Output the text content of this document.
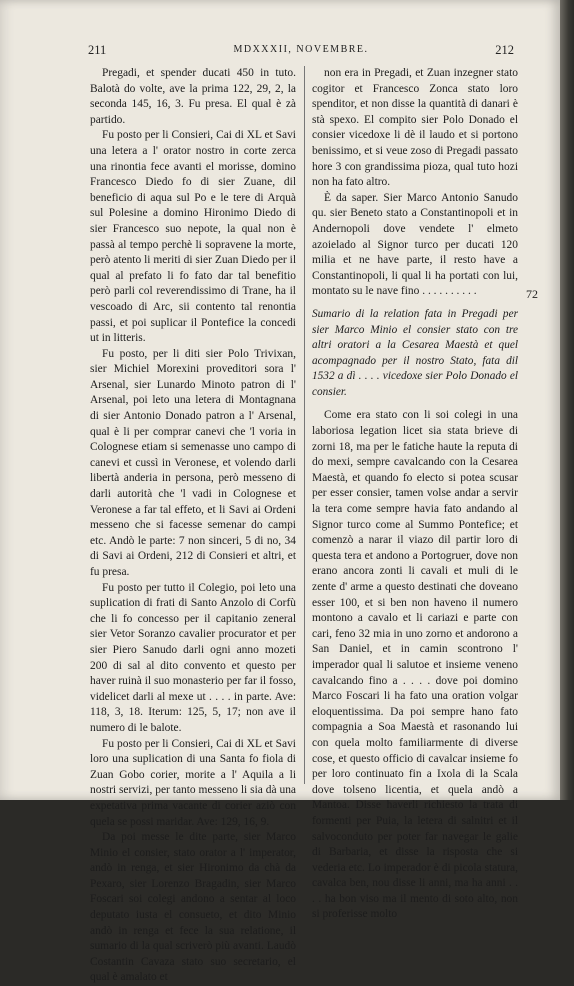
211	MDXXXII, NOVEMBRE.	212

Pregadi, et spender ducati 450 in tuto. Balotà do volte, ave la prima 122, 29, 2, la seconda 145, 16, 3. Fu presa. El qual è zà partido.

Fu posto per li Consieri, Cai di XL et Savi una letera a l' orator nostro in corte zerca una rinontia fece avanti el morisse, domino Francesco Diedo fo di sier Zuane, dil beneficio di aqua sul Po e le tere di Arquà sul Polesine a domino Hironimo Diedo di sier Francesco suo nepote, la qual non è passà al tempo perchè li sopravene la morte, però atento li meriti di sier Zuan Diedo per il qual al prefato li fo fato dar tal benefitio però parli col reverendissimo di Trane, ha il vescoado di Arc, sii contento tal renontia passi, et poi suplicar il Pontefice la concedi ut in litteris.

Fu posto, per li diti sier Polo Trivixan, sier Michiel Morexini proveditori sora l' Arsenal, sier Lunardo Minoto patron di l' Arsenal, poi leto una letera di Montagnana di sier Antonio Donado patron a l' Arsenal, qual è li per comprar canevi che 'l voria in Colognese etiam si semenasse uno campo di canevi et cussì in Veronese, et volendo darli libertà anderia in persona, però messeno di darli autorità che 'l vadi in Colognese et Veronese a far tal effeto, et li Savi ai Ordeni messeno che si facesse semenar do campi etc. Andò le parte: 7 non sinceri, 5 di no, 34 di Savi ai Ordeni, 212 di Consieri et altri, et fu presa.

Fu posto per tutto il Colegio, poi leto una suplication di frati di Santo Anzolo di Corfù che li fo concesso per il capitanio zeneral sier Vetor Soranzo cavalier procurator et per sier Piero Sanudo darli ogni anno mozeti 200 di sal al dito convento et questo per haver ruinà il suo monasterio per far il fosso, videlicet darli al mexe ut . . . . in parte. Ave: 118, 3, 18. Iterum: 125, 5, 17; non ave il numero di le balote.

Fu posto per li Consieri, Cai di XL et Savi loro una suplication di una Santa fo fiola di Zuan Gobo corier, morite a l' Aquila a li nostri servizi, per tanto messeno li sia dà una expetativa prima vacante di corier aziò con quela se possi maridar. Ave: 129, 16, 9.

Da poi messe le dite parte, sier Marco Minio el consier, stato orator a l' imperator, andò in renga, et sier Hironimo da chà da Pexaro, sier Lorenzo Bragadin, sier Marco Foscari soi colegi andono a sentar al loco deputato iusta el consueto, et dito Minio andò in renga et fece la sua relatione, il sumario di la qual scriverò più avanti. Laudò Costantin Cavaza stato suo secretario, el qual è amalato et

non era in Pregadi, et Zuan inzegner stato cogitor et Francesco Zonca stato loro spenditor, et non disse la quantità di danari è stà spexo. El compito sier Polo Donado el consier vicedoxe li dè il laudo et si portono benissimo, et si veue zoso di Pregadi passato hore 3 con grandissima pioza, qual tuto hozi non ha fato altro.

È da saper. Sier Marco Antonio Sanudo qu. sier Beneto stato a Constantinopoli et in Andernopoli dove vendete l' elmeto azoielado al Signor turco per ducati 120 milia et ne have parte, il resto have a Constantinopoli, li qual li ha portati con lui, montato su le nave fino . . . . . . . . . .

Sumario di la relation fata in Pregadi per sier Marco Minio el consier stato con tre altri oratori a la Cesarea Maestà et quel acompagnado per il nostro Stato, fata dil 1532 a dì . . . . vicedoxe sier Polo Donado el consier.

Come era stato con li soi colegi in una laboriosa legation licet sia stata brieve di zorni 18, ma per le fatiche haute la reputa di do mexi, sempre cavalcando con la Cesarea Maestà, et quando fo electo si potea scusar per esser consier, tamen volse andar a servir la tera come sempre havia fato andando al Signor turco come al Summo Pontefice; et comenzò a narar il viazo dil partir loro di questa tera et andono a Portogruer, dove non erano ancora zonti li cavali et muli di le zente d' arme a questo destinati che doveano esser 100, et si ben non haveno il numero montono a cavalo et li cariazi e parte con cari, feno 32 mia in uno zorno et andorono a San Daniel, et in camin scontrono l' imperador qual li salutoe et insieme veneno cavalcando fino a . . . . dove poi domino Marco Foscari li ha fato una oration volgar eloquentissima. Da poi sempre hano fato compagnia a Soa Maestà et rasonando lui con quela molto familiarmente di diverse cose, et questo officio di cavalcar insieme fo per loro continuato fin a Ixola di la Scala dove tolseno licentia, et quela andò a Mantoa. Disse haverli richiesto la trata di formenti per Puia, la letera di salnitri et il salvoconduto per poter far navegar le galie di Barbaria, et disse la risposta che si vederia etc. Lo imperador è di picola statura, cavalca ben, nou disse li anni, ma ha anni . . . . ha bon viso ma il mento di soto alto, non si proferisse molto

72
